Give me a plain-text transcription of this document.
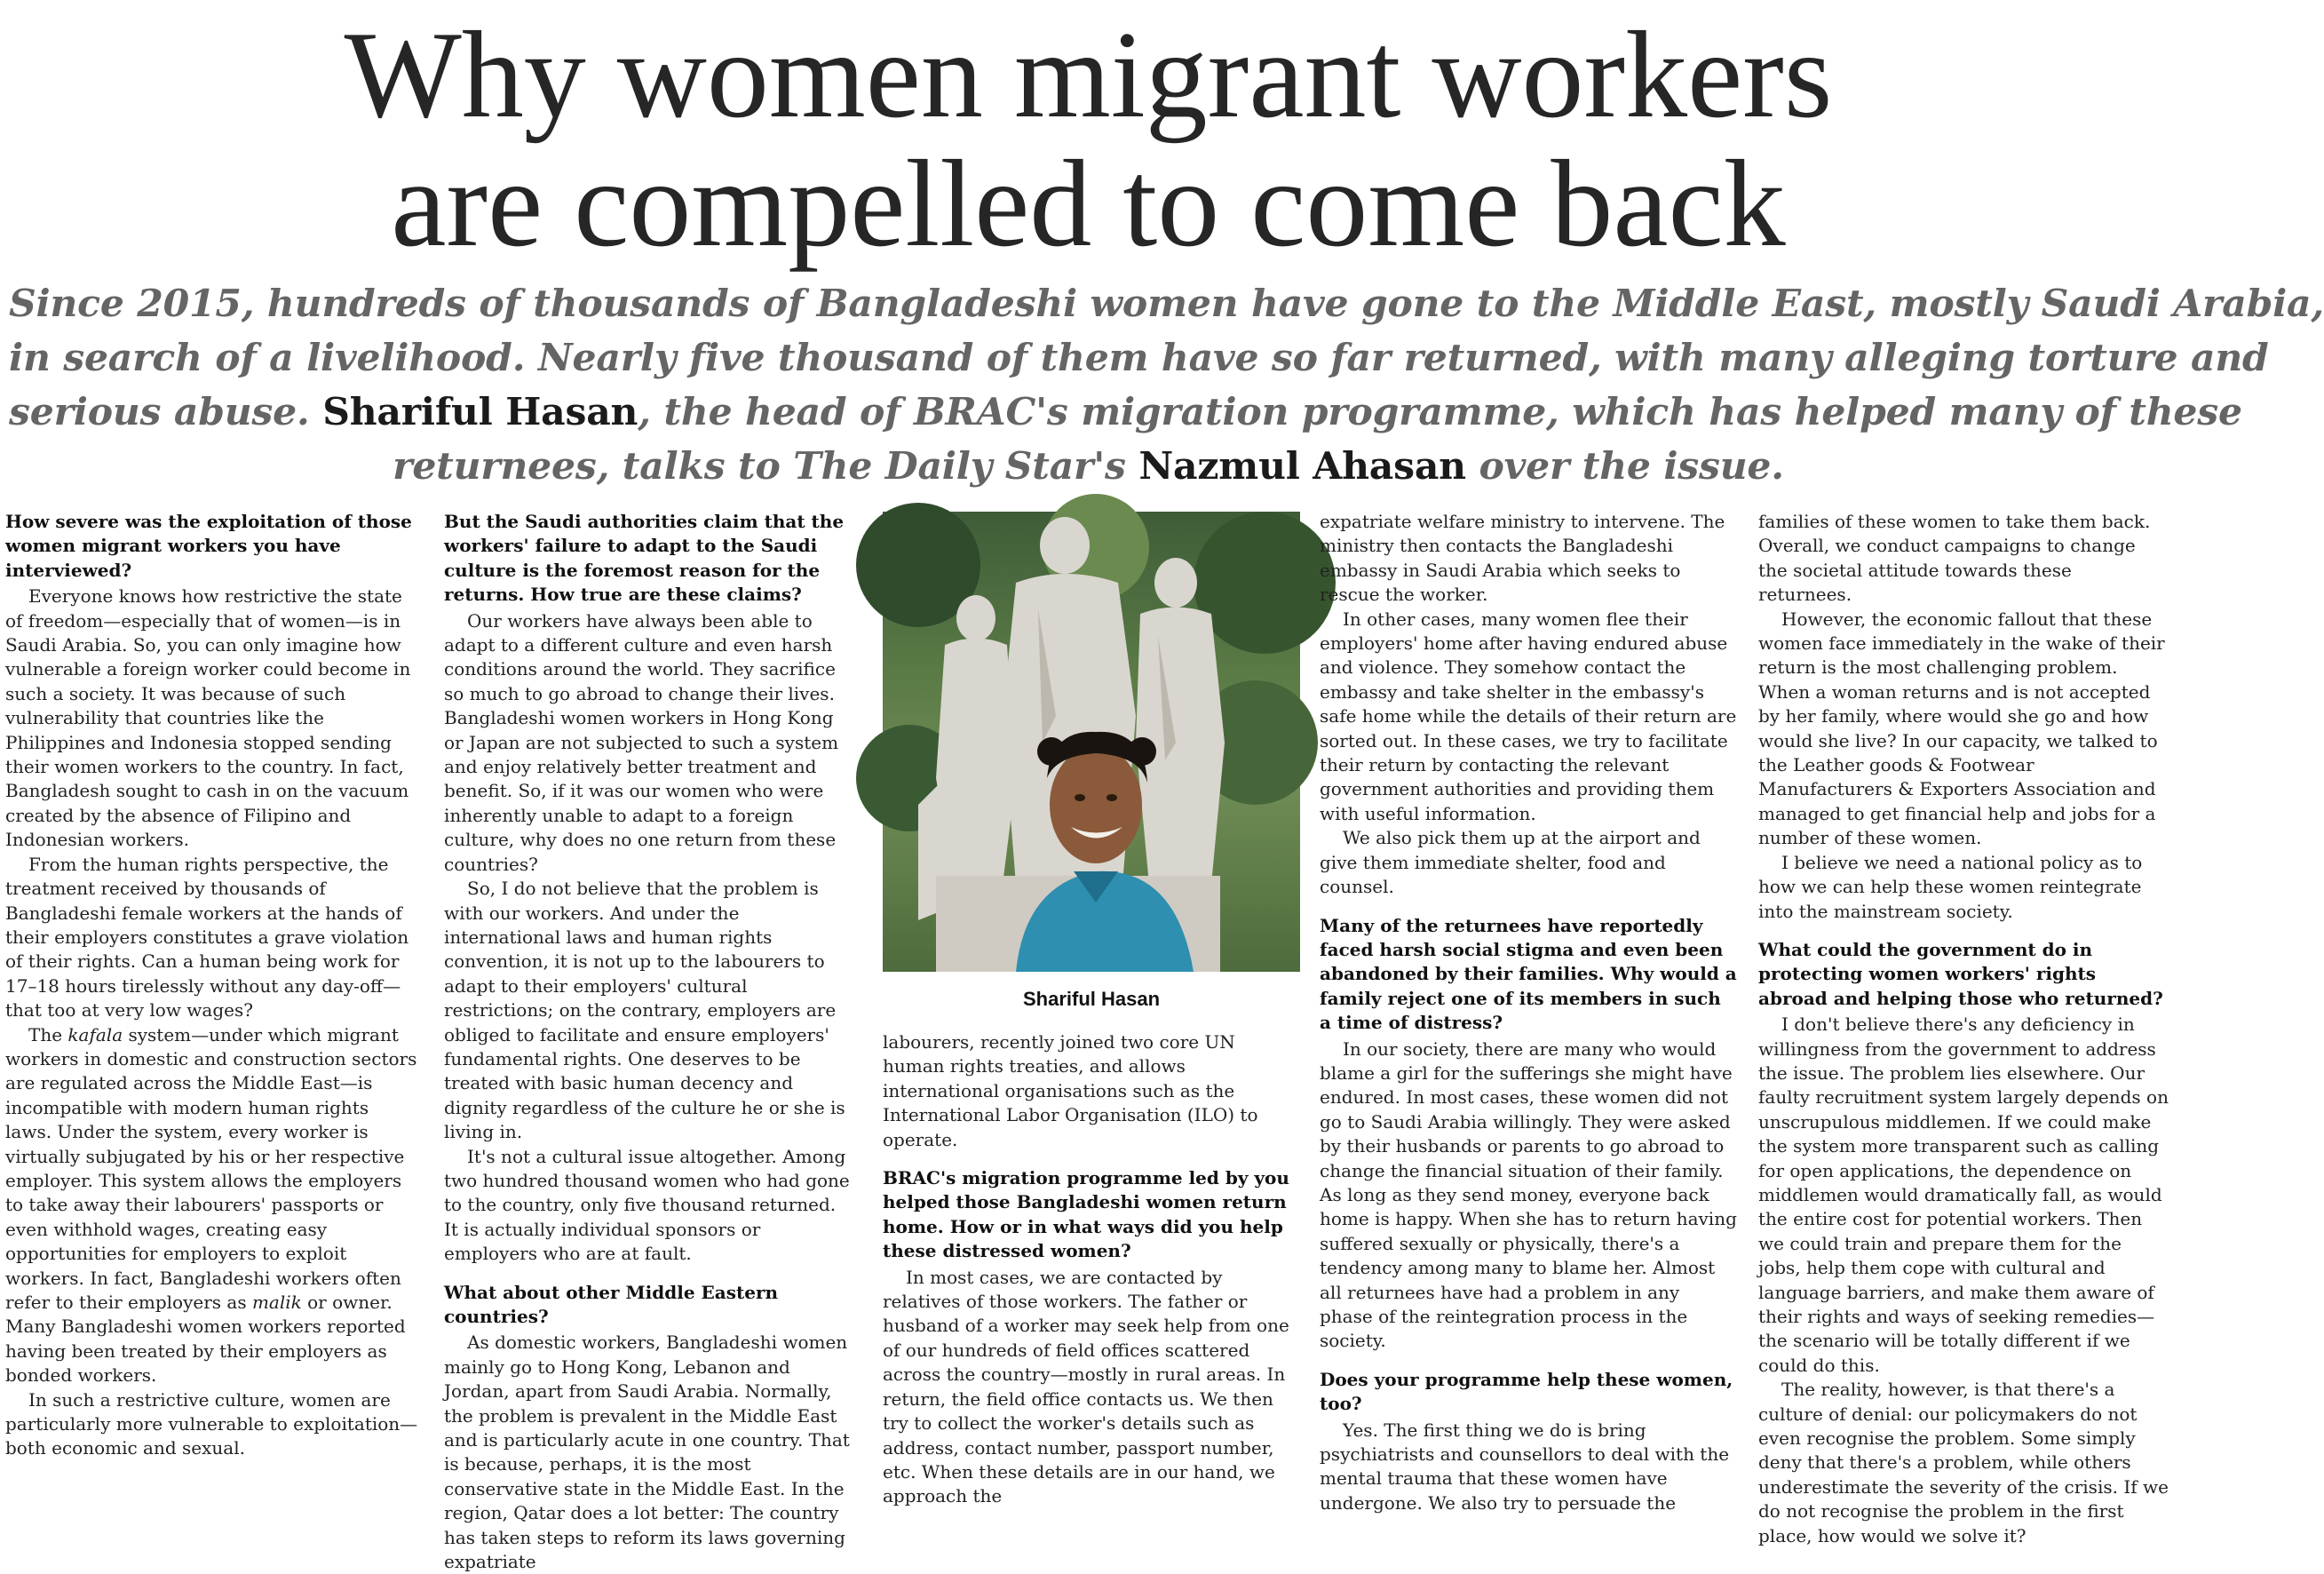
Why women migrant workers
are compelled to come back
Since 2015, hundreds of thousands of Bangladeshi women have gone to the Middle East, mostly Saudi Arabia,
in search of a livelihood. Nearly five thousand of them have so far returned, with many alleging torture and
serious abuse. Shariful Hasan, the head of BRAC's migration programme, which has helped many of these
returnees, talks to The Daily Star's Nazmul Ahasan over the issue.

How severe was the exploitation of those women migrant workers you have interviewed?

Everyone knows how restrictive the state of freedom—especially that of women—is in Saudi Arabia. So, you can only imagine how vulnerable a foreign worker could become in such a society. It was because of such vulnerability that countries like the Philippines and Indonesia stopped sending their women workers to the country. In fact, Bangladesh sought to cash in on the vacuum created by the absence of Filipino and Indonesian workers.

From the human rights perspective, the treatment received by thousands of Bangladeshi female workers at the hands of their employers constitutes a grave violation of their rights. Can a human being work for 17–18 hours tirelessly without any day-off—that too at very low wages?

The kafala system—under which migrant workers in domestic and construction sectors are regulated across the Middle East—is incompatible with modern human rights laws. Under the system, every worker is virtually subjugated by his or her respective employer. This system allows the employers to take away their labourers' passports or even withhold wages, creating easy opportunities for employers to exploit workers. In fact, Bangladeshi workers often refer to their employers as malik or owner. Many Bangladeshi women workers reported having been treated by their employers as bonded workers.

In such a restrictive culture, women are particularly more vulnerable to exploitation—both economic and sexual.

But the Saudi authorities claim that the workers' failure to adapt to the Saudi culture is the foremost reason for the returns. How true are these claims?

Our workers have always been able to adapt to a different culture and even harsh conditions around the world. They sacrifice so much to go abroad to change their lives. Bangladeshi women workers in Hong Kong or Japan are not subjected to such a system and enjoy relatively better treatment and benefit. So, if it was our women who were inherently unable to adapt to a foreign culture, why does no one return from these countries?

So, I do not believe that the problem is with our workers. And under the international laws and human rights convention, it is not up to the labourers to adapt to their employers' cultural restrictions; on the contrary, employers are obliged to facilitate and ensure employers' fundamental rights. One deserves to be treated with basic human decency and dignity regardless of the culture he or she is living in.

It's not a cultural issue altogether. Among two hundred thousand women who had gone to the country, only five thousand returned. It is actually individual sponsors or employers who are at fault.

What about other Middle Eastern countries?

As domestic workers, Bangladeshi women mainly go to Hong Kong, Lebanon and Jordan, apart from Saudi Arabia. Normally, the problem is prevalent in the Middle East and is particularly acute in one country. That is because, perhaps, it is the most conservative state in the Middle East. In the region, Qatar does a lot better: The country has taken steps to reform its laws governing expatriate

Shariful Hasan

labourers, recently joined two core UN human rights treaties, and allows international organisations such as the International Labor Organisation (ILO) to operate.

BRAC's migration programme led by you helped those Bangladeshi women return home. How or in what ways did you help these distressed women?

In most cases, we are contacted by relatives of those workers. The father or husband of a worker may seek help from one of our hundreds of field offices scattered across the country—mostly in rural areas. In return, the field office contacts us. We then try to collect the worker's details such as address, contact number, passport number, etc. When these details are in our hand, we approach the

expatriate welfare ministry to intervene. The ministry then contacts the Bangladeshi embassy in Saudi Arabia which seeks to rescue the worker.

In other cases, many women flee their employers' home after having endured abuse and violence. They somehow contact the embassy and take shelter in the embassy's safe home while the details of their return are sorted out. In these cases, we try to facilitate their return by contacting the relevant government authorities and providing them with useful information.

We also pick them up at the airport and give them immediate shelter, food and counsel.

Many of the returnees have reportedly faced harsh social stigma and even been abandoned by their families. Why would a family reject one of its members in such a time of distress?

In our society, there are many who would blame a girl for the sufferings she might have endured. In most cases, these women did not go to Saudi Arabia willingly. They were asked by their husbands or parents to go abroad to change the financial situation of their family. As long as they send money, everyone back home is happy. When she has to return having suffered sexually or physically, there's a tendency among many to blame her. Almost all returnees have had a problem in any phase of the reintegration process in the society.

Does your programme help these women, too?

Yes. The first thing we do is bring psychiatrists and counsellors to deal with the mental trauma that these women have undergone. We also try to persuade the

families of these women to take them back. Overall, we conduct campaigns to change the societal attitude towards these returnees.

However, the economic fallout that these women face immediately in the wake of their return is the most challenging problem. When a woman returns and is not accepted by her family, where would she go and how would she live? In our capacity, we talked to the Leather goods & Footwear Manufacturers & Exporters Association and managed to get financial help and jobs for a number of these women.

I believe we need a national policy as to how we can help these women reintegrate into the mainstream society.

What could the government do in protecting women workers' rights abroad and helping those who returned?

I don't believe there's any deficiency in willingness from the government to address the issue. The problem lies elsewhere. Our faulty recruitment system largely depends on unscrupulous middlemen. If we could make the system more transparent such as calling for open applications, the dependence on middlemen would dramatically fall, as would the entire cost for potential workers. Then we could train and prepare them for the jobs, help them cope with cultural and language barriers, and make them aware of their rights and ways of seeking remedies—the scenario will be totally different if we could do this.

The reality, however, is that there's a culture of denial: our policymakers do not even recognise the problem. Some simply deny that there's a problem, while others underestimate the severity of the crisis. If we do not recognise the problem in the first place, how would we solve it?
